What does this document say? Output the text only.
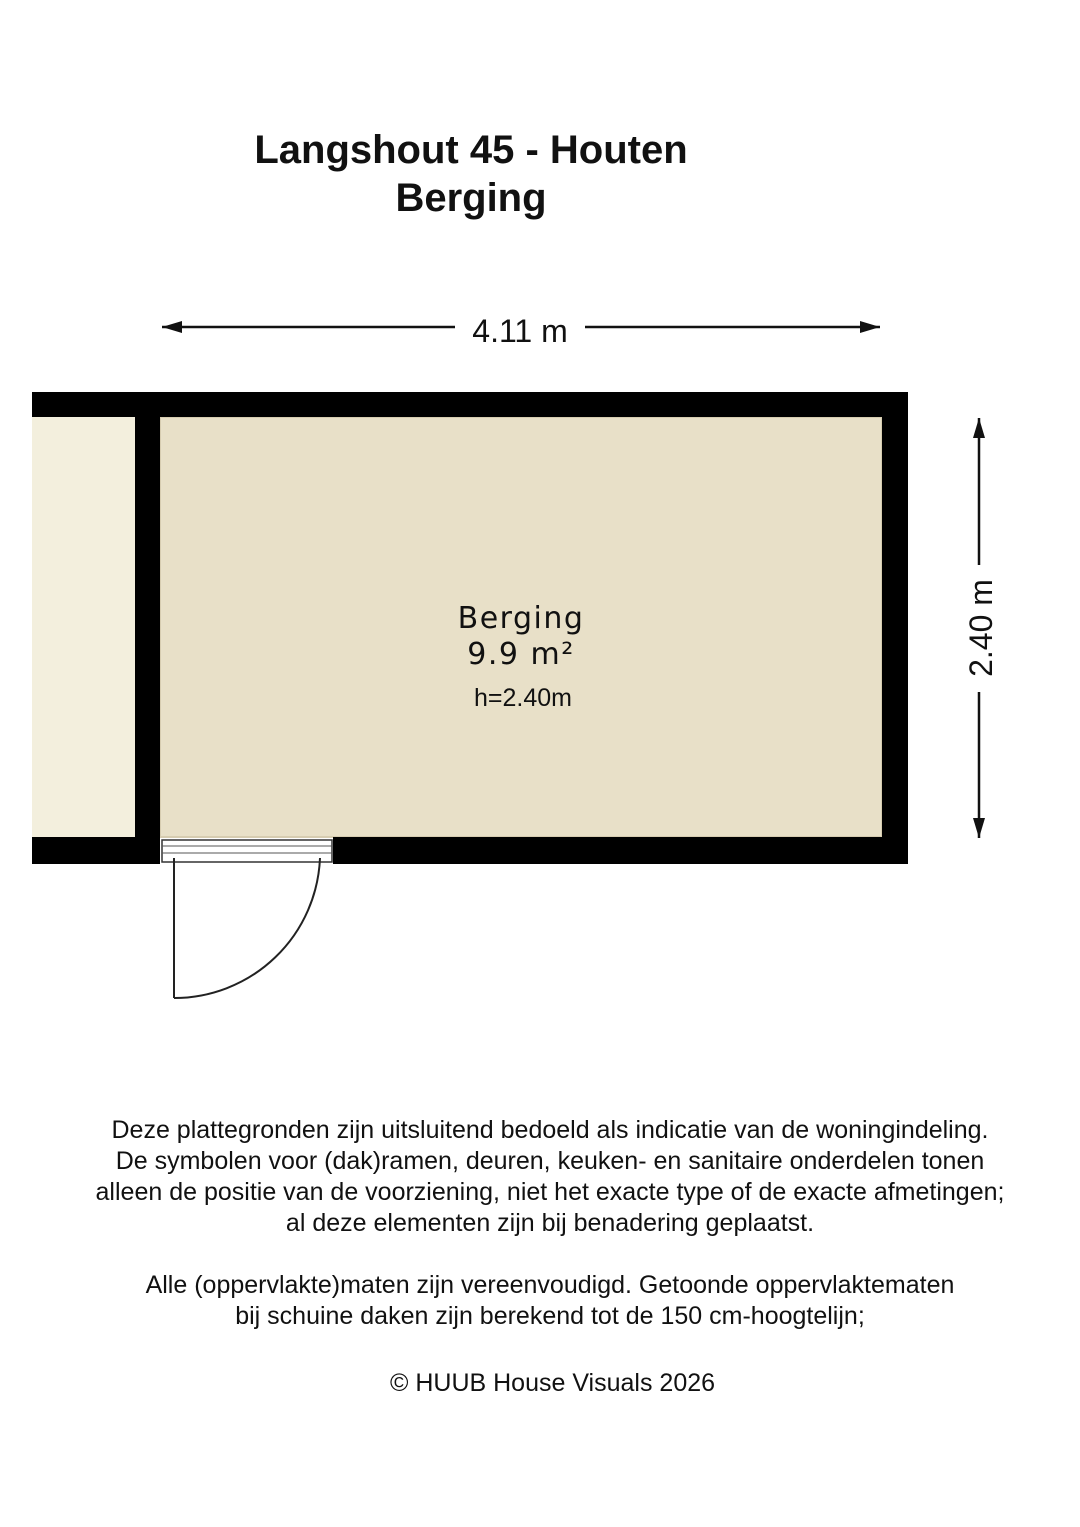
Langshout 45 - Houten
Berging
4.11 m
Berging
9.9 m²
h=2.40m
2.40 m

Deze plattegronden zijn uitsluitend bedoeld als indicatie van de woningindeling.
De symbolen voor (dak)ramen, deuren, keuken- en sanitaire onderdelen tonen
alleen de positie van de voorziening, niet het exacte type of de exacte afmetingen;
al deze elementen zijn bij benadering geplaatst.

Alle (oppervlakte)maten zijn vereenvoudigd. Getoonde oppervlaktematen
bij schuine daken zijn berekend tot de 150 cm-hoogtelijn;

© HUUB House Visuals 2026
